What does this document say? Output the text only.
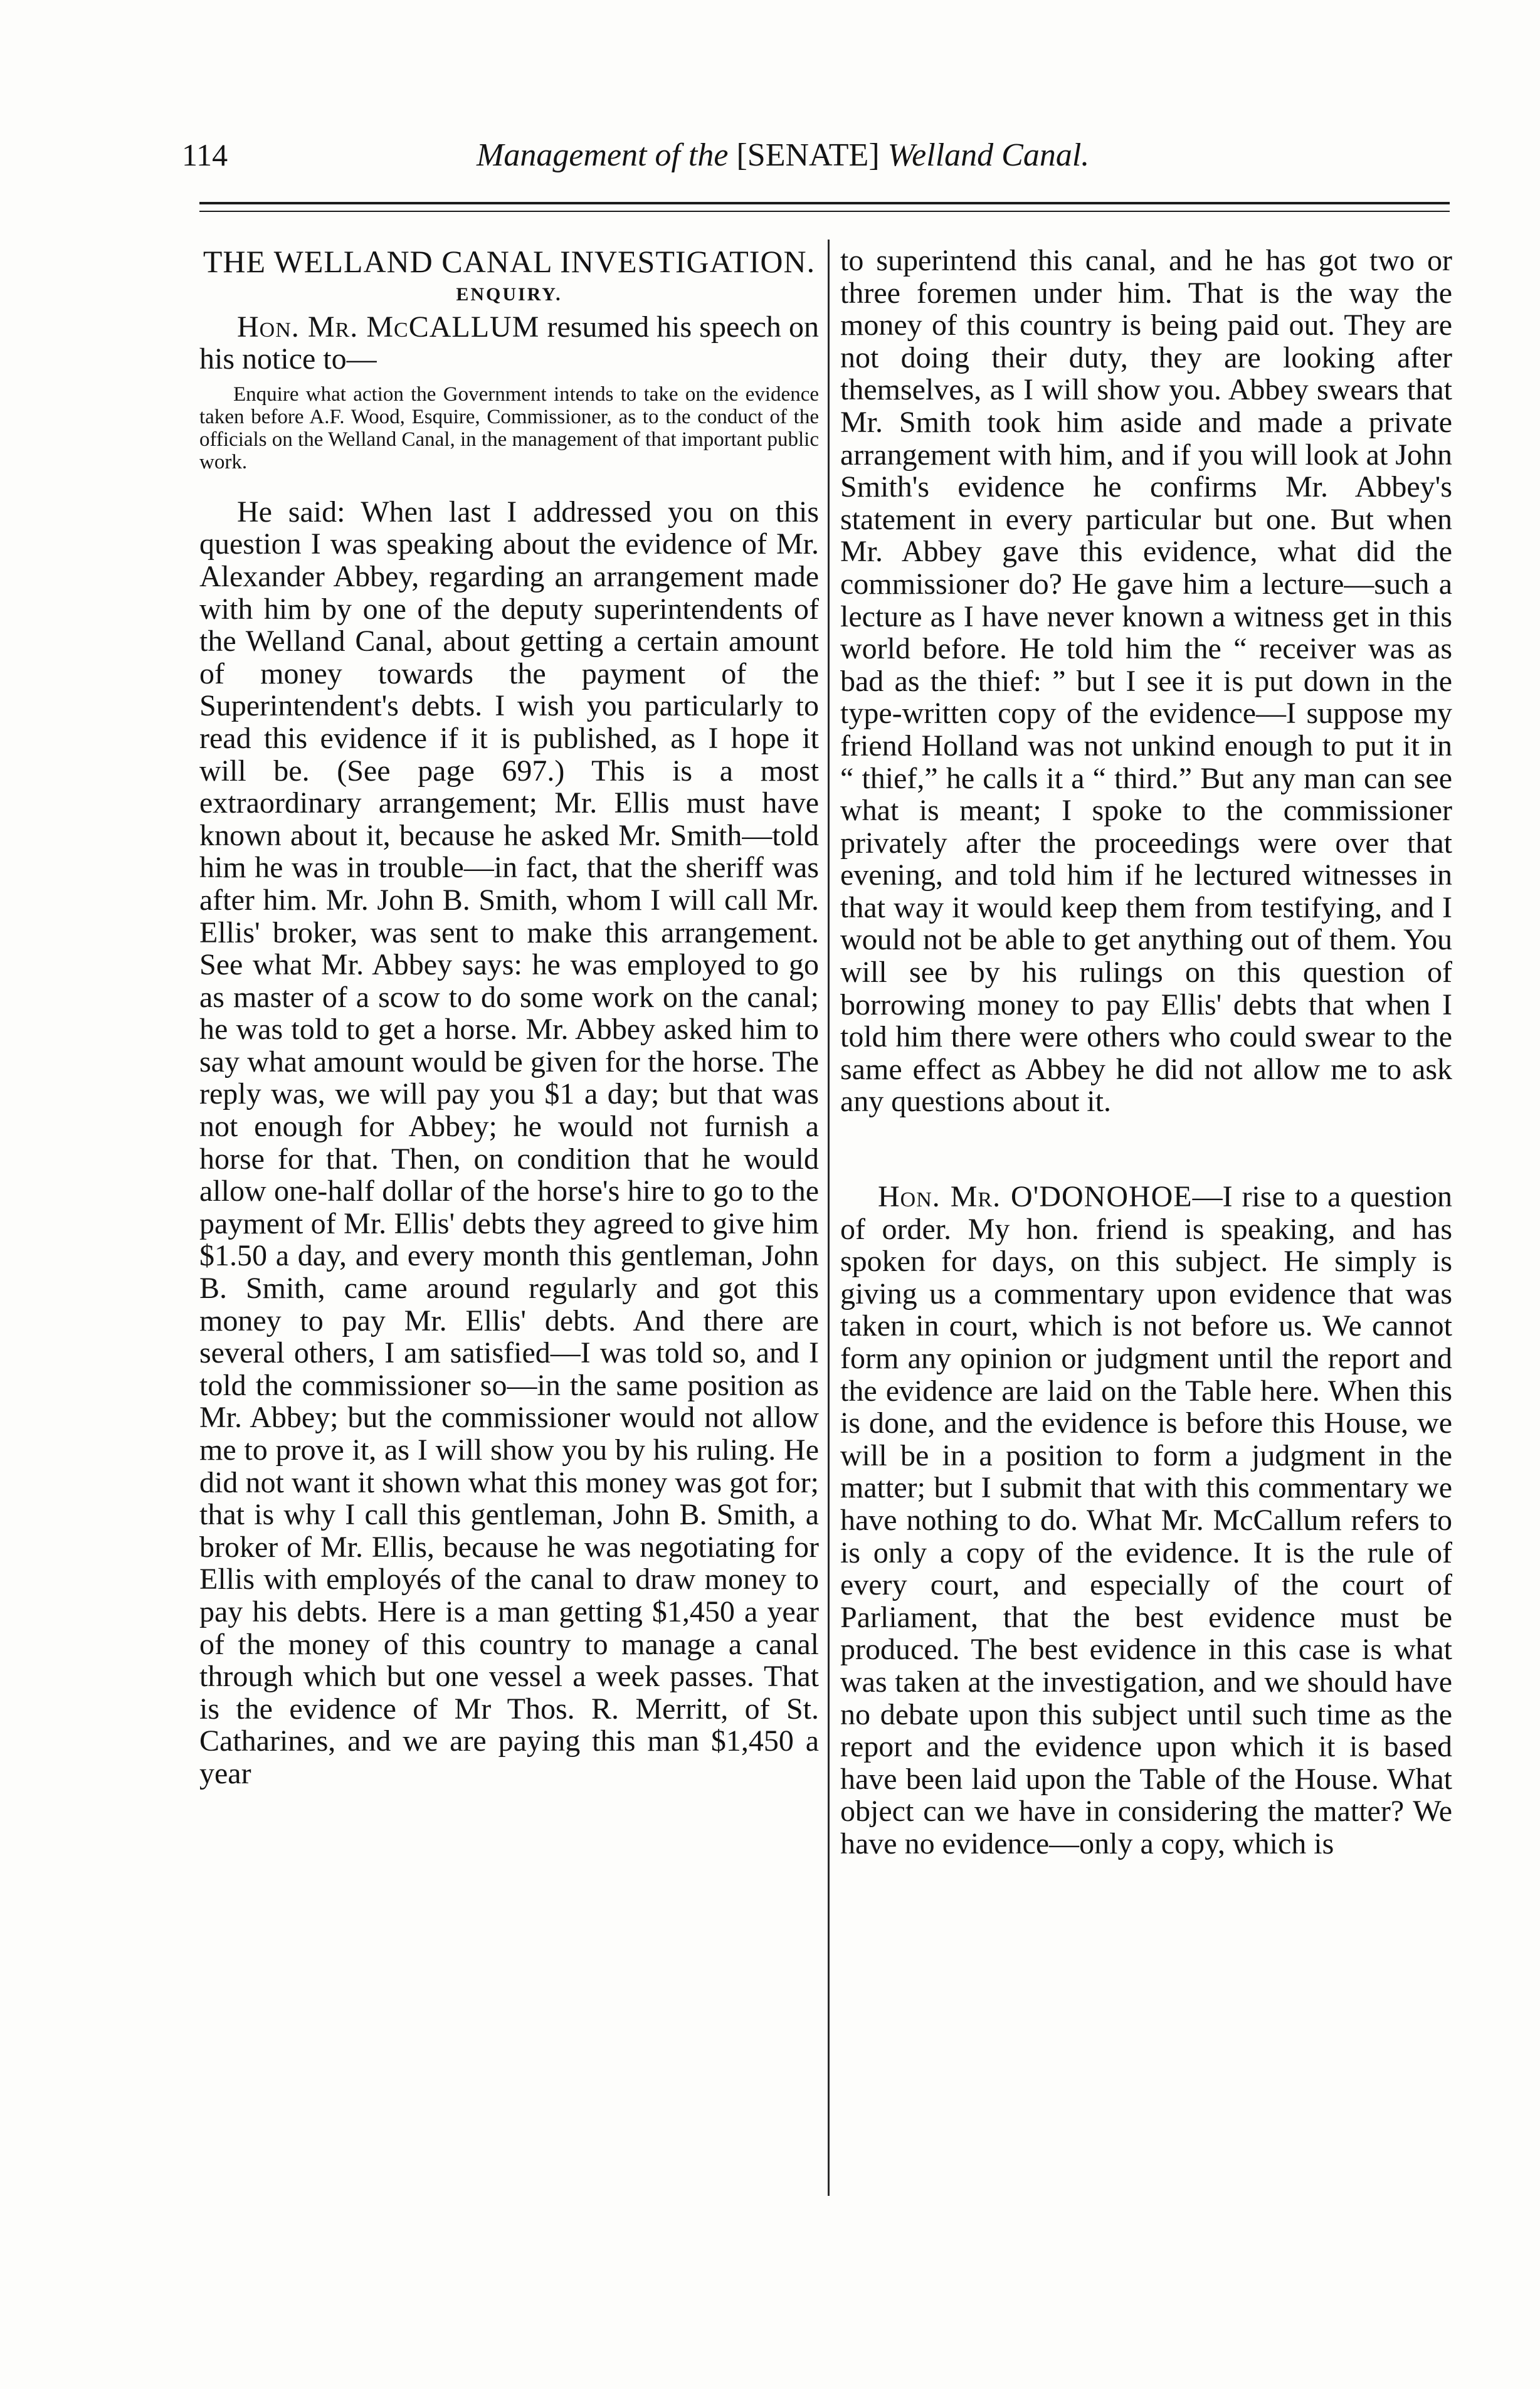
114	Management of the [SENATE] Welland Canal.

THE WELLAND CANAL INVESTIGATION.

ENQUIRY.

Hon. Mr. McCALLUM resumed his speech on his notice to—

Enquire what action the Government intends to take on the evidence taken before A.F. Wood, Esquire, Commissioner, as to the conduct of the officials on the Welland Canal, in the management of that important public work.

He said: When last I addressed you on this question I was speaking about the evidence of Mr. Alexander Abbey, regarding an arrangement made with him by one of the deputy superintendents of the Welland Canal, about getting a certain amount of money towards the payment of the Superintendent's debts. I wish you particularly to read this evidence if it is published, as I hope it will be. (See page 697.) This is a most extraordinary arrangement; Mr. Ellis must have known about it, because he asked Mr. Smith—told him he was in trouble—in fact, that the sheriff was after him. Mr. John B. Smith, whom I will call Mr. Ellis' broker, was sent to make this arrangement. See what Mr. Abbey says: he was employed to go as master of a scow to do some work on the canal; he was told to get a horse. Mr. Abbey asked him to say what amount would be given for the horse. The reply was, we will pay you $1 a day; but that was not enough for Abbey; he would not furnish a horse for that. Then, on condition that he would allow one-half dollar of the horse's hire to go to the payment of Mr. Ellis' debts they agreed to give him $1.50 a day, and every month this gentleman, John B. Smith, came around regularly and got this money to pay Mr. Ellis' debts. And there are several others, I am satisfied—I was told so, and I told the commissioner so—in the same position as Mr. Abbey; but the commissioner would not allow me to prove it, as I will show you by his ruling. He did not want it shown what this money was got for; that is why I call this gentleman, John B. Smith, a broker of Mr. Ellis, because he was negotiating for Ellis with employés of the canal to draw money to pay his debts. Here is a man getting $1,450 a year of the money of this country to manage a canal through which but one vessel a week passes. That is the evidence of Mr Thos. R. Merritt, of St. Catharines, and we are paying this man $1,450 a year

to superintend this canal, and he has got two or three foremen under him. That is the way the money of this country is being paid out. They are not doing their duty, they are looking after themselves, as I will show you. Abbey swears that Mr. Smith took him aside and made a private arrangement with him, and if you will look at John Smith's evidence he confirms Mr. Abbey's statement in every particular but one. But when Mr. Abbey gave this evidence, what did the commissioner do? He gave him a lecture—such a lecture as I have never known a witness get in this world before. He told him the “ receiver was as bad as the thief: ” but I see it is put down in the type-written copy of the evidence—I suppose my friend Holland was not unkind enough to put it in “ thief,” he calls it a “ third.” But any man can see what is meant; I spoke to the commissioner privately after the proceedings were over that evening, and told him if he lectured witnesses in that way it would keep them from testifying, and I would not be able to get anything out of them. You will see by his rulings on this question of borrowing money to pay Ellis' debts that when I told him there were others who could swear to the same effect as Abbey he did not allow me to ask any questions about it.

Hon. Mr. O'DONOHOE—I rise to a question of order. My hon. friend is speaking, and has spoken for days, on this subject. He simply is giving us a commentary upon evidence that was taken in court, which is not before us. We cannot form any opinion or judgment until the report and the evidence are laid on the Table here. When this is done, and the evidence is before this House, we will be in a position to form a judgment in the matter; but I submit that with this commentary we have nothing to do. What Mr. McCallum refers to is only a copy of the evidence. It is the rule of every court, and especially of the court of Parliament, that the best evidence must be produced. The best evidence in this case is what was taken at the investigation, and we should have no debate upon this subject until such time as the report and the evidence upon which it is based have been laid upon the Table of the House. What object can we have in considering the matter? We have no evidence—only a copy, which is
